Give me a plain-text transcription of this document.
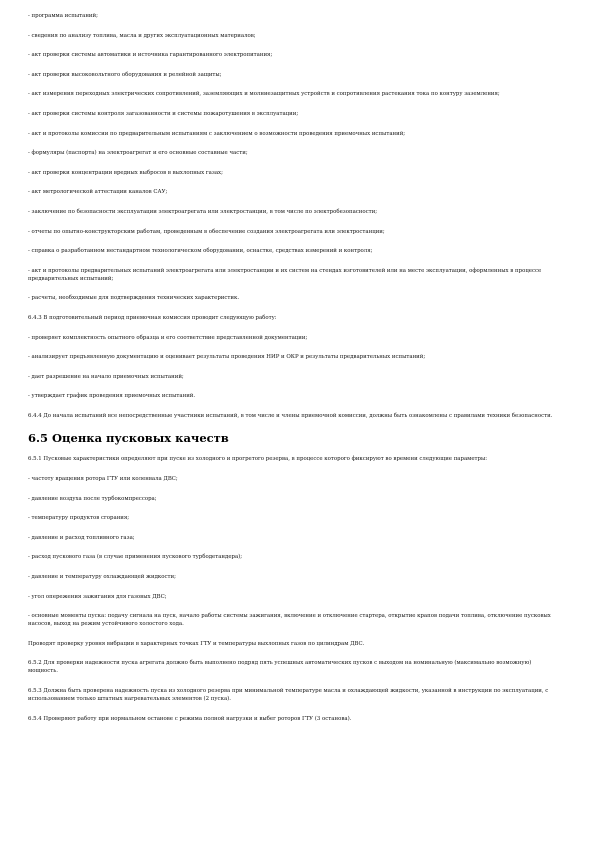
- программа испытаний;

- сведения по анализу топлива, масла и других эксплуатационных материалов;

- акт проверки системы автоматики и источника гарантированного электропитания;

- акт проверки высоковольтного оборудования и релейной защиты;

- акт измерения переходных электрических сопротивлений, заземляющих и молниезащитных устройств и сопротивления растекания тока по контуру заземления;

- акт проверки системы контроля загазованности и системы пожаротушения в эксплуатации;

- акт и протоколы комиссии по предварительным испытаниям с заключением о возможности проведения приемочных испытаний;

- формуляры (паспорта) на электроагрегат и его основные составные части;

- акт проверки концентрации вредных выбросов в выхлопных газах;

- акт метрологической аттестации каналов САУ;

- заключение по безопасности эксплуатации электроагрегата или электростанции, в том числе по электробезопасности;

- отчеты по опытно-конструкторским работам, проведенным в обеспечение создания электроагрегата или электростанции;

- справка о разработанном нестандартном технологическом оборудовании, оснастке, средствах измерений и контроля;

- акт и протоколы предварительных испытаний электроагрегата или электростанции и их систем на стендах изготовителей или на месте эксплуатации, оформленных в процессе предварительных испытаний;

- расчеты, необходимые для подтверждения технических характеристик.

6.4.3 В подготовительный период приемочная комиссия проводит следующую работу:

- проверяет комплектность опытного образца и его соответствие представленной документации;

- анализирует предъявленную документацию и оценивает результаты проведения НИР и ОКР и результаты предварительных испытаний;

- дает разрешение на начало приемочных испытаний;

- утверждает график проведения приемочных испытаний.

6.4.4 До начала испытаний все непосредственные участники испытаний, в том числе и члены приемочной комиссии, должны быть ознакомлены с правилами техники безопасности.

6.5 Оценка пусковых качеств

6.5.1 Пусковые характеристики определяют при пуске из холодного и прогретого резерва, в процессе которого фиксируют во времени следующие параметры:

- частоту вращения ротора ГТУ или коленвала ДВС;

- давление воздуха после турбокомпрессора;

- температуру продуктов сгорания;

- давление и расход топливного газа;

- расход пускового газа (в случае применения пускового турбодетандера);

- давление и температуру охлаждающей жидкости;

- угол опережения зажигания для газовых ДВС;

- основные моменты пуска: подачу сигнала на пуск, начало работы системы зажигания, включение и отключение стартера, открытие крапов подачи топлива, отключение пусковых насосов, выход на режим устойчивого холостого хода.

Проводят проверку уровня вибрации в характерных точках ГТУ и температуры выхлопных газов по цилиндрам ДВС.

6.5.2 Для проверки надежности пуска агрегата должно быть выполнено подряд пять успешных автоматических пусков с выходом на номинальную (максимально возможную) мощность.

6.5.3 Должна быть проверена надежность пуска из холодного резерва при минимальной температуре масла и охлаждающей жидкости, указанной в инструкции по эксплуатации, с использованием только штатных нагревательных элементов (2 пуска).

6.5.4 Проверяют работу при нормальном останове с режима полной нагрузки и выбег роторов ГТУ (3 останова).
